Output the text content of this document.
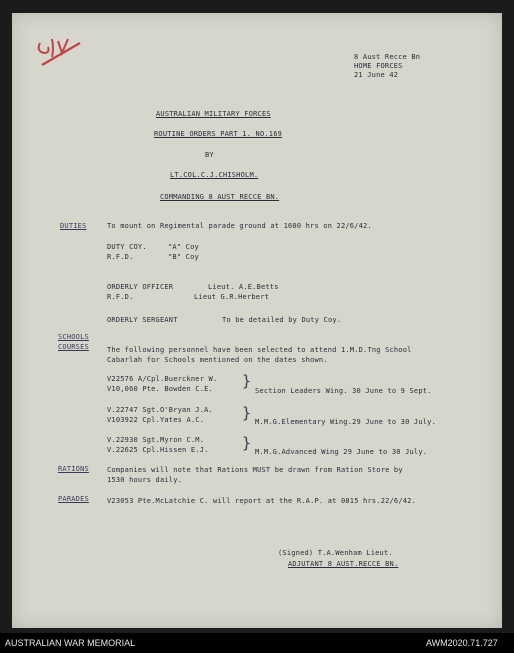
8 Aust Recce Bn
HOME FORCES
21 June 42
AUSTRALIAN MILITARY FORCES
ROUTINE ORDERS PART 1. NO.169
BY
LT.COL.C.J.CHISHOLM.
COMMANDING 8 AUST RECCE BN.
DUTIES	To mount on Regimental parade ground at 1600 hrs on 22/6/42.
DUTY COY.	"A" Coy
R.F.D.	"B" Coy
ORDERLY OFFICER	Lieut. A.E.Betts
R.F.D.	Lieut G.R.Herbert
ORDERLY SERGEANT	To be detailed by Duty Coy.
SCHOOLS
COURSES	The following personnel have been selected to attend 1.M.D.Tng School
Cabarlah for Schools mentioned on the dates shown.
V22576 A/Cpl.Buerckner W.
V10,060 Pte. Bowden C.E. }
Section Leaders Wing. 30 June to 9 Sept.
V.22747 Sgt.O'Bryan J.A.
V103922 Cpl.Yates A.C.	} M.M.G.Elementary Wing.29 June to 30 July.
V.22930 Sgt.Myron C.M.
V.22625 Cpl.Hissen E.J. } M.M.G.Advanced Wing 29 June to 30 July.
RATIONS	Companies will note that Rations MUST be drawn from Ration Store by
1530 hours daily.
PARADES	V23053 Pte.McLatchie C. will report at the R.A.P. at 0815 hrs.22/6/42.
(Signed) T.A.Wenham Lieut.
ADJUTANT 8 AUST.RECCE BN.
AUSTRALIAN WAR MEMORIAL	AWM2020.71.727
